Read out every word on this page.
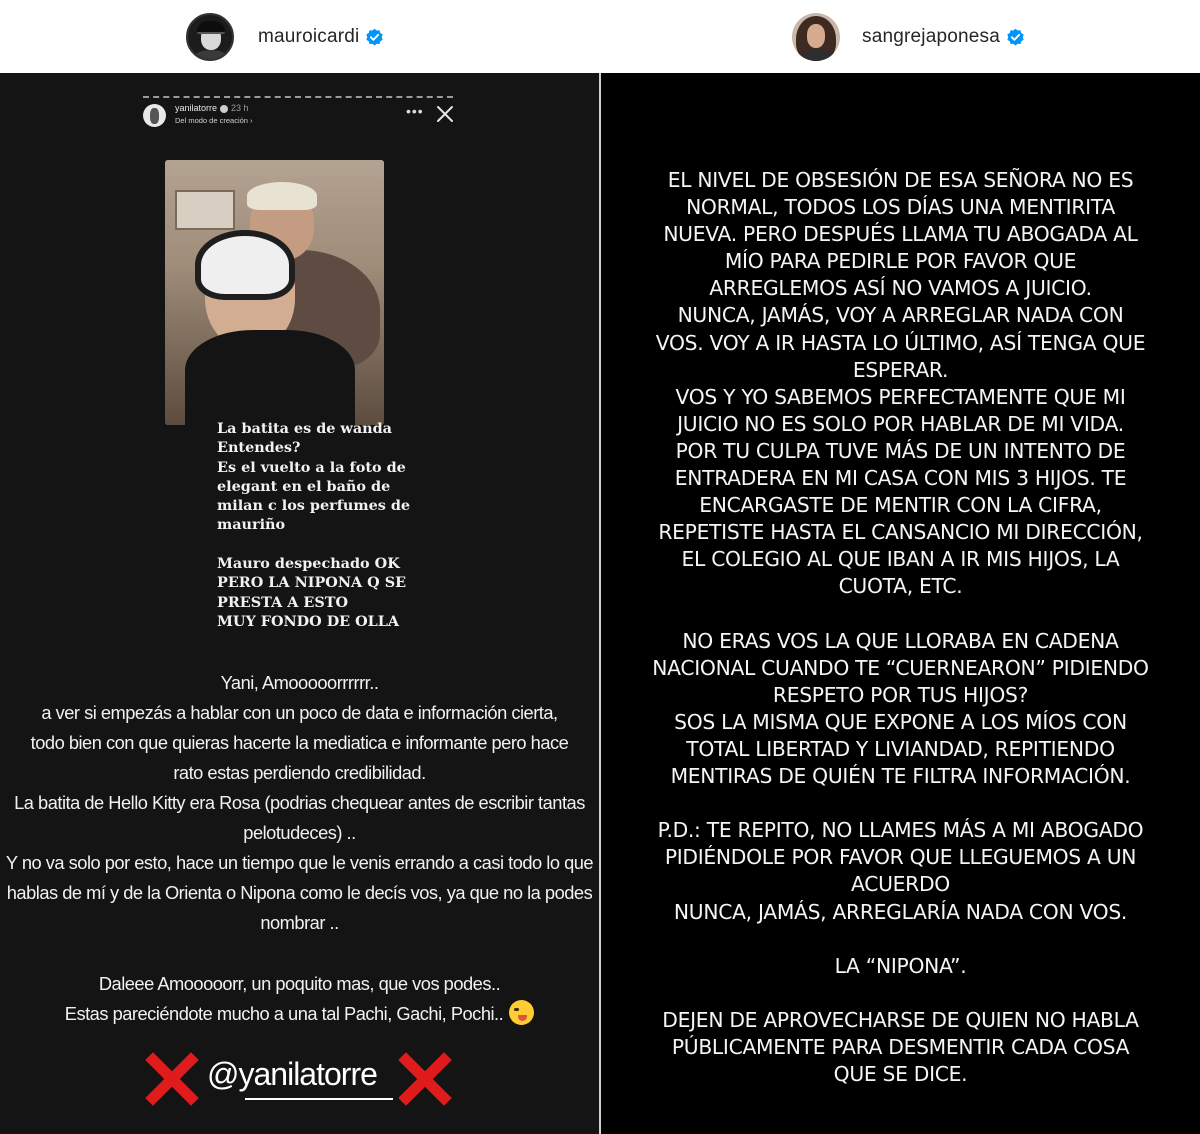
mauroicardi	sangrejaponesa
yanilatorre 23 h
Del modo de creación ›
•••
La batita es de wanda
Entendes?
Es el vuelto a la foto de
elegant en el baño de
milan c los perfumes de
mauriño
Mauro despechado OK
PERO LA NIPONA Q SE
PRESTA A ESTO
MUY FONDO DE OLLA
Yani, Amooooorrrrrr..
a ver si empezás a hablar con un poco de data e información cierta,
todo bien con que quieras hacerte la mediatica e informante pero hace
rato estas perdiendo credibilidad.
La batita de Hello Kitty era Rosa (podrias chequear antes de escribir tantas
pelotudeces) ..
Y no va solo por esto, hace un tiempo que le venis errando a casi todo lo que
hablas de mí y de la Orienta o Nipona como le decís vos, ya que no la podes
nombrar ..
Daleee Amooooorr, un poquito mas, que vos podes..
Estas pareciéndote mucho a una tal Pachi, Gachi, Pochi..
@yanilatorre
EL NIVEL DE OBSESIÓN DE ESA SEÑORA NO ES
NORMAL, TODOS LOS DÍAS UNA MENTIRITA
NUEVA. PERO DESPUÉS LLAMA TU ABOGADA AL
MÍO PARA PEDIRLE POR FAVOR QUE
ARREGLEMOS ASÍ NO VAMOS A JUICIO.
NUNCA, JAMÁS, VOY A ARREGLAR NADA CON
VOS. VOY A IR HASTA LO ÚLTIMO, ASÍ TENGA QUE
ESPERAR.
VOS Y YO SABEMOS PERFECTAMENTE QUE MI
JUICIO NO ES SOLO POR HABLAR DE MI VIDA.
POR TU CULPA TUVE MÁS DE UN INTENTO DE
ENTRADERA EN MI CASA CON MIS 3 HIJOS. TE
ENCARGASTE DE MENTIR CON LA CIFRA,
REPETISTE HASTA EL CANSANCIO MI DIRECCIÓN,
EL COLEGIO AL QUE IBAN A IR MIS HIJOS, LA
CUOTA, ETC.

NO ERAS VOS LA QUE LLORABA EN CADENA
NACIONAL CUANDO TE “CUERNEARON” PIDIENDO
RESPETO POR TUS HIJOS?
SOS LA MISMA QUE EXPONE A LOS MÍOS CON
TOTAL LIBERTAD Y LIVIANDAD, REPITIENDO
MENTIRAS DE QUIÉN TE FILTRA INFORMACIÓN.

P.D.: TE REPITO, NO LLAMES MÁS A MI ABOGADO
PIDIÉNDOLE POR FAVOR QUE LLEGUEMOS A UN
ACUERDO
NUNCA, JAMÁS, ARREGLARÍA NADA CON VOS.

LA “NIPONA”.

DEJEN DE APROVECHARSE DE QUIEN NO HABLA
PÚBLICAMENTE PARA DESMENTIR CADA COSA
QUE SE DICE.
